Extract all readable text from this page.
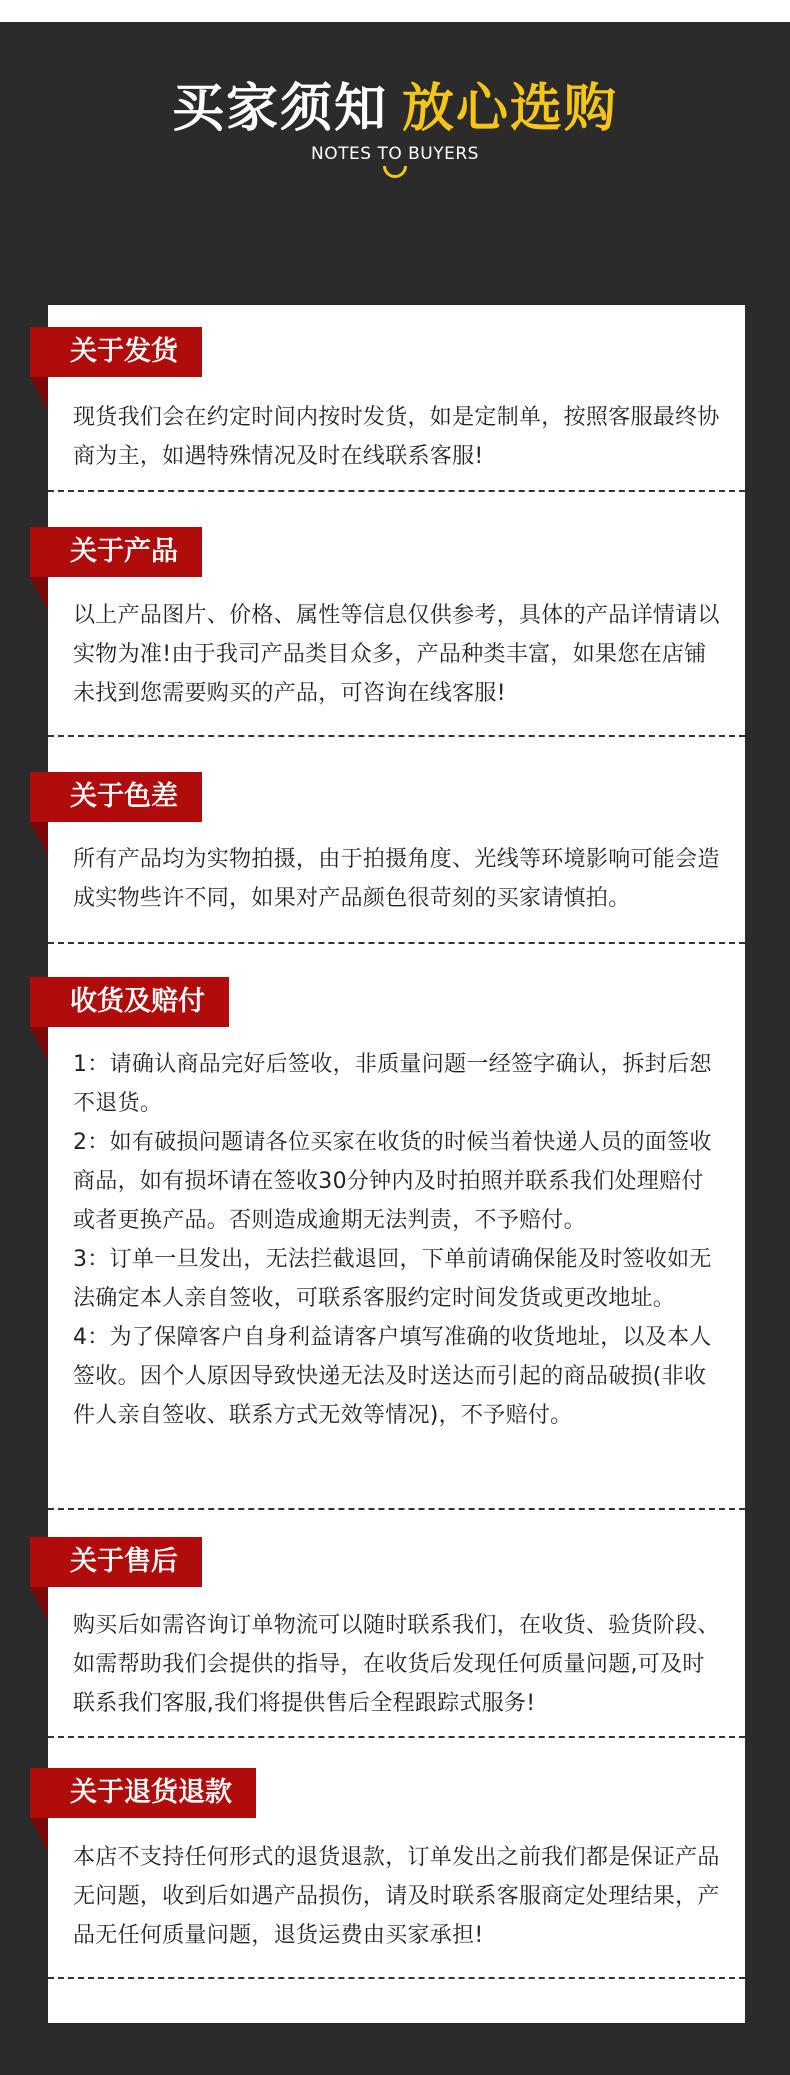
买家须知 放心选购
NOTES TO BUYERS
关于发货
现货我们会在约定时间内按时发货，如是定制单，按照客服最终协商为主，如遇特殊情况及时在线联系客服!
关于产品
以上产品图片、价格、属性等信息仅供参考，具体的产品详情请以实物为准!由于我司产品类目众多，产品种类丰富，如果您在店铺未找到您需要购买的产品，可咨询在线客服!
关于色差
所有产品均为实物拍摄，由于拍摄角度、光线等环境影响可能会造成实物些许不同，如果对产品颜色很苛刻的买家请慎拍。
收货及赔付
1：请确认商品完好后签收，非质量问题一经签字确认，拆封后恕不退货。
2：如有破损问题请各位买家在收货的时候当着快递人员的面签收商品，如有损坏请在签收30分钟内及时拍照并联系我们处理赔付或者更换产品。否则造成逾期无法判责，不予赔付。
3：订单一旦发出，无法拦截退回，下单前请确保能及时签收如无法确定本人亲自签收，可联系客服约定时间发货或更改地址。
4：为了保障客户自身利益请客户填写准确的收货地址，以及本人签收。因个人原因导致快递无法及时送达而引起的商品破损(非收件人亲自签收、联系方式无效等情况)，不予赔付。
关于售后
购买后如需咨询订单物流可以随时联系我们，在收货、验货阶段、如需帮助我们会提供的指导，在收货后发现任何质量问题,可及时联系我们客服,我们将提供售后全程跟踪式服务!
关于退货退款
本店不支持任何形式的退货退款，订单发出之前我们都是保证产品无问题，收到后如遇产品损伤，请及时联系客服商定处理结果，产品无任何质量问题，退货运费由买家承担!
